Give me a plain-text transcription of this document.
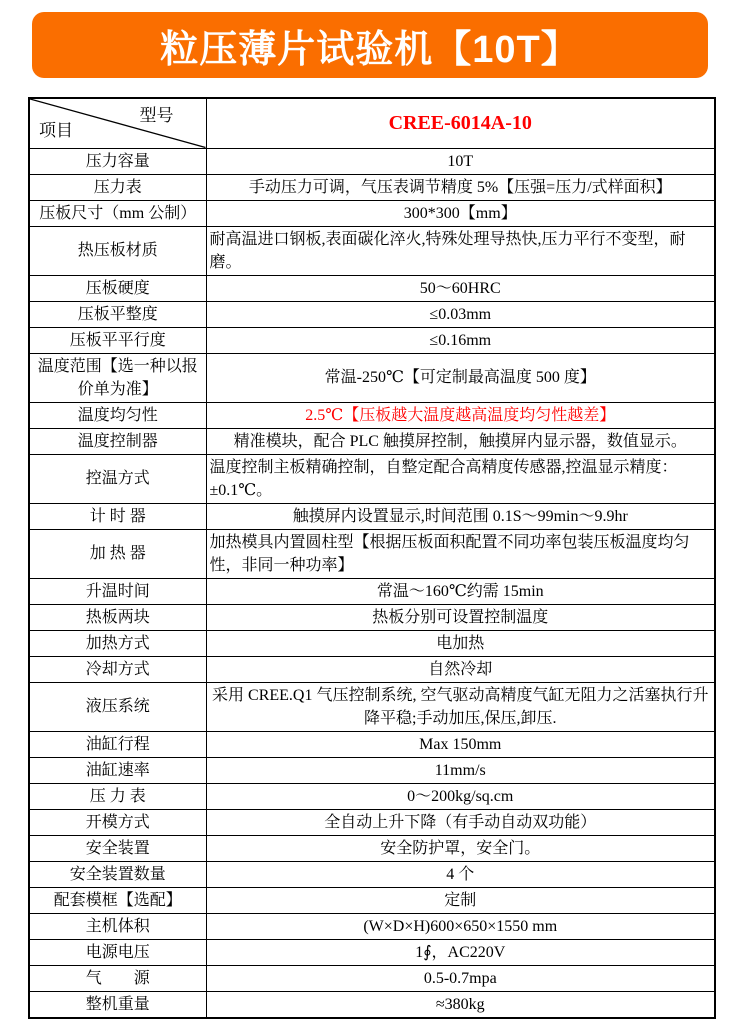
粒压薄片试验机【10T】
项目
型号	CREE-6014A-10
压力容量	10T
压力表	手动压力可调，气压表调节精度 5%【压强=压力/式样面积】
压板尺寸（mm 公制）	300*300【mm】
热压板材质	耐高温进口钢板,表面碳化淬火,特殊处理导热快,压力平行不变型，耐磨。
压板硬度	50～60HRC
压板平整度	≤0.03mm
压板平平行度	≤0.16mm
温度范围【选一种以报价单为准】	常温-250℃【可定制最高温度 500 度】
温度均匀性	2.5℃【压板越大温度越高温度均匀性越差】
温度控制器	精准模块，配合 PLC 触摸屏控制，触摸屏内显示器，数值显示。
控温方式	温度控制主板精确控制，自整定配合高精度传感器,控温显示精度：±0.1℃。
计 时 器	触摸屏内设置显示,时间范围 0.1S～99min～9.9hr
加 热 器	加热模具内置圆柱型【根据压板面积配置不同功率包装压板温度均匀性，非同一种功率】
升温时间	常温～160℃约需 15min
热板两块	热板分别可设置控制温度
加热方式	电加热
冷却方式	自然冷却
液压系统	采用 CREE.Q1 气压控制系统, 空气驱动高精度气缸无阻力之活塞执行升降平稳;手动加压,保压,卸压.
油缸行程	Max 150mm
油缸速率	11mm/s
压 力 表	0～200kg/sq.cm
开模方式	全自动上升下降（有手动自动双功能）
安全装置	安全防护罩，安全门。
安全装置数量	4 个
配套模框【选配】	定制
主机体积	(W×D×H)600×650×1550 mm
电源电压	1∮，AC220V
气　　源	0.5-0.7mpa
整机重量	≈380kg
